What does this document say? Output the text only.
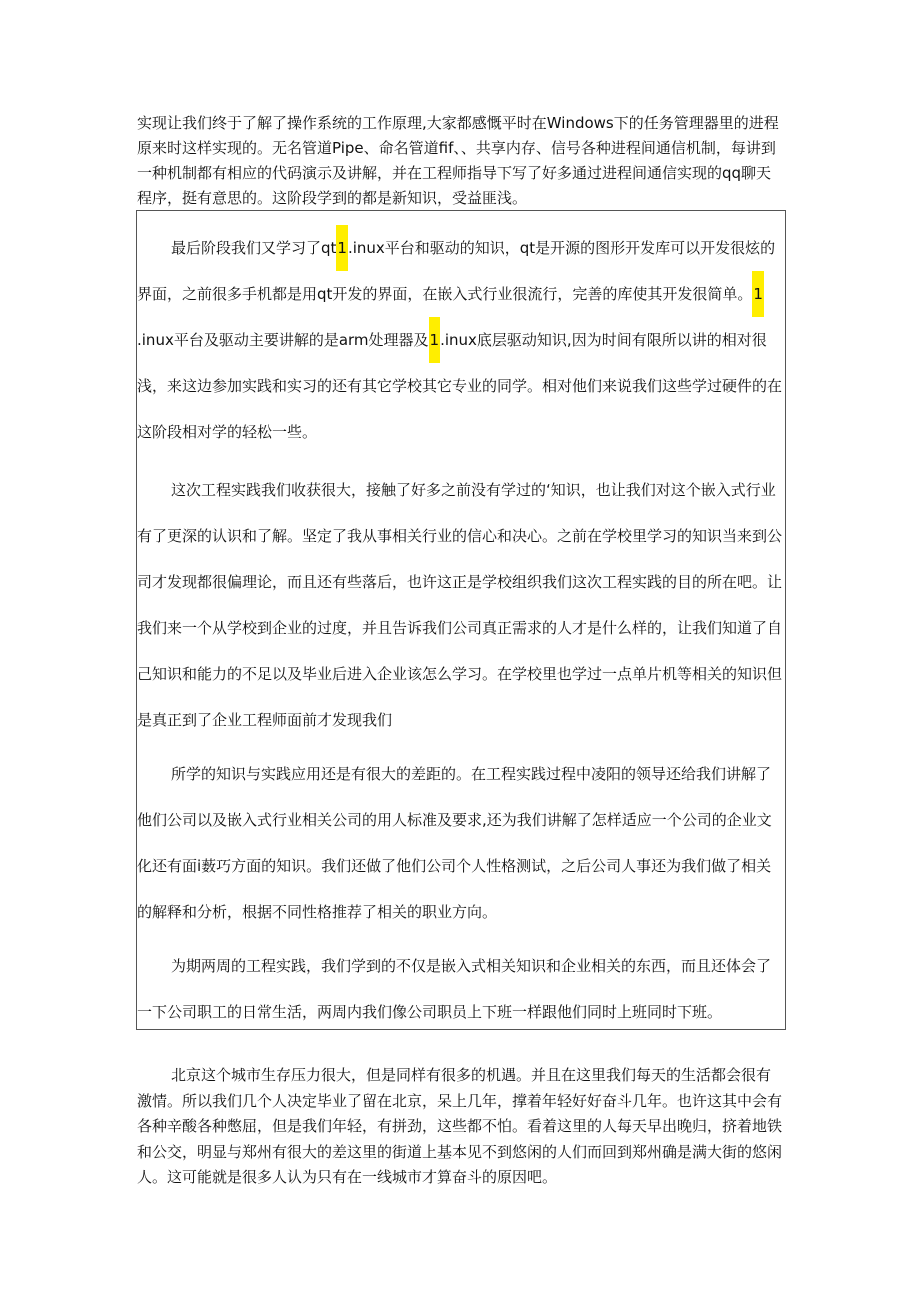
实现让我们终于了解了操作系统的工作原理,大家都感慨平时在Windows下的任务管理器里的进程原来时这样实现的。无名管道Pipe、命名管道fif、、共享内存、信号各种进程间通信机制，每讲到一种机制都有相应的代码演示及讲解，并在工程师指导下写了好多通过进程间通信实现的qq聊天程序，挺有意思的。这阶段学到的都是新知识，受益匪浅。

最后阶段我们又学习了qt1.inux平台和驱动的知识，qt是开源的图形开发库可以开发很炫的界面，之前很多手机都是用qt开发的界面，在嵌入式行业很流行，完善的库使其开发很简单。1.inux平台及驱动主要讲解的是arm处理器及1.inux底层驱动知识,因为时间有限所以讲的相对很浅，来这边参加实践和实习的还有其它学校其它专业的同学。相对他们来说我们这些学过硬件的在这阶段相对学的轻松一些。

这次工程实践我们收获很大，接触了好多之前没有学过的‘知识，也让我们对这个嵌入式行业有了更深的认识和了解。坚定了我从事相关行业的信心和决心。之前在学校里学习的知识当来到公司才发现都很偏理论，而且还有些落后，也许这正是学校组织我们这次工程实践的目的所在吧。让我们来一个从学校到企业的过度，并且告诉我们公司真正需求的人才是什么样的，让我们知道了自己知识和能力的不足以及毕业后进入企业该怎么学习。在学校里也学过一点单片机等相关的知识但是真正到了企业工程师面前才发现我们

所学的知识与实践应用还是有很大的差距的。在工程实践过程中凌阳的领导还给我们讲解了他们公司以及嵌入式行业相关公司的用人标准及要求,还为我们讲解了怎样适应一个公司的企业文化还有面i薮巧方面的知识。我们还做了他们公司个人性格测试，之后公司人事还为我们做了相关的解释和分析，根据不同性格推荐了相关的职业方向。

为期两周的工程实践，我们学到的不仅是嵌入式相关知识和企业相关的东西，而且还体会了一下公司职工的日常生活，两周内我们像公司职员上下班一样跟他们同时上班同时下班。

北京这个城市生存压力很大，但是同样有很多的机遇。并且在这里我们每天的生活都会很有激情。所以我们几个人决定毕业了留在北京，呆上几年，撑着年轻好好奋斗几年。也许这其中会有各种辛酸各种憋屈，但是我们年轻，有拼劲，这些都不怕。看着这里的人每天早出晚归，挤着地铁和公交，明显与郑州有很大的差这里的街道上基本见不到悠闲的人们而回到郑州确是满大街的悠闲人。这可能就是很多人认为只有在一线城市才算奋斗的原因吧。
